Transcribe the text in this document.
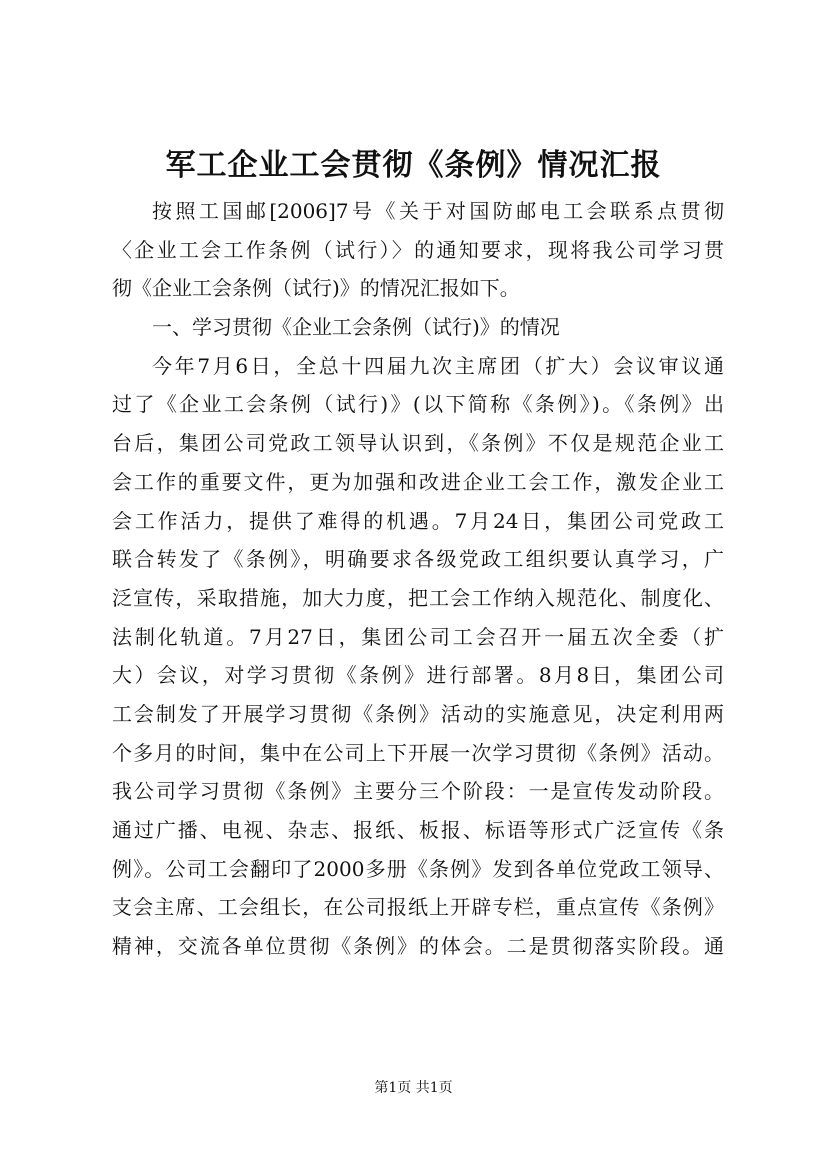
军工企业工会贯彻《条例》情况汇报
按照工国邮[2006]7号《关于对国防邮电工会联系点贯彻
〈企业工会工作条例（试行）〉的通知要求，现将我公司学习贯
彻《企业工会条例（试行)》的情况汇报如下。
一、学习贯彻《企业工会条例（试行)》的情况
今年7月6日，全总十四届九次主席团（扩大）会议审议通
过了《企业工会条例（试行)》(以下简称《条例》)。《条例》出
台后，集团公司党政工领导认识到，《条例》不仅是规范企业工
会工作的重要文件，更为加强和改进企业工会工作，激发企业工
会工作活力，提供了难得的机遇。7月24日，集团公司党政工
联合转发了《条例》，明确要求各级党政工组织要认真学习，广
泛宣传，采取措施，加大力度，把工会工作纳入规范化、制度化、
法制化轨道。7月27日，集团公司工会召开一届五次全委（扩
大）会议，对学习贯彻《条例》进行部署。8月8日，集团公司
工会制发了开展学习贯彻《条例》活动的实施意见，决定利用两
个多月的时间，集中在公司上下开展一次学习贯彻《条例》活动。
我公司学习贯彻《条例》主要分三个阶段：一是宣传发动阶段。
通过广播、电视、杂志、报纸、板报、标语等形式广泛宣传《条
例》。公司工会翻印了2000多册《条例》发到各单位党政工领导、
支会主席、工会组长，在公司报纸上开辟专栏，重点宣传《条例》
精神，交流各单位贯彻《条例》的体会。二是贯彻落实阶段。通
第1页 共1页
